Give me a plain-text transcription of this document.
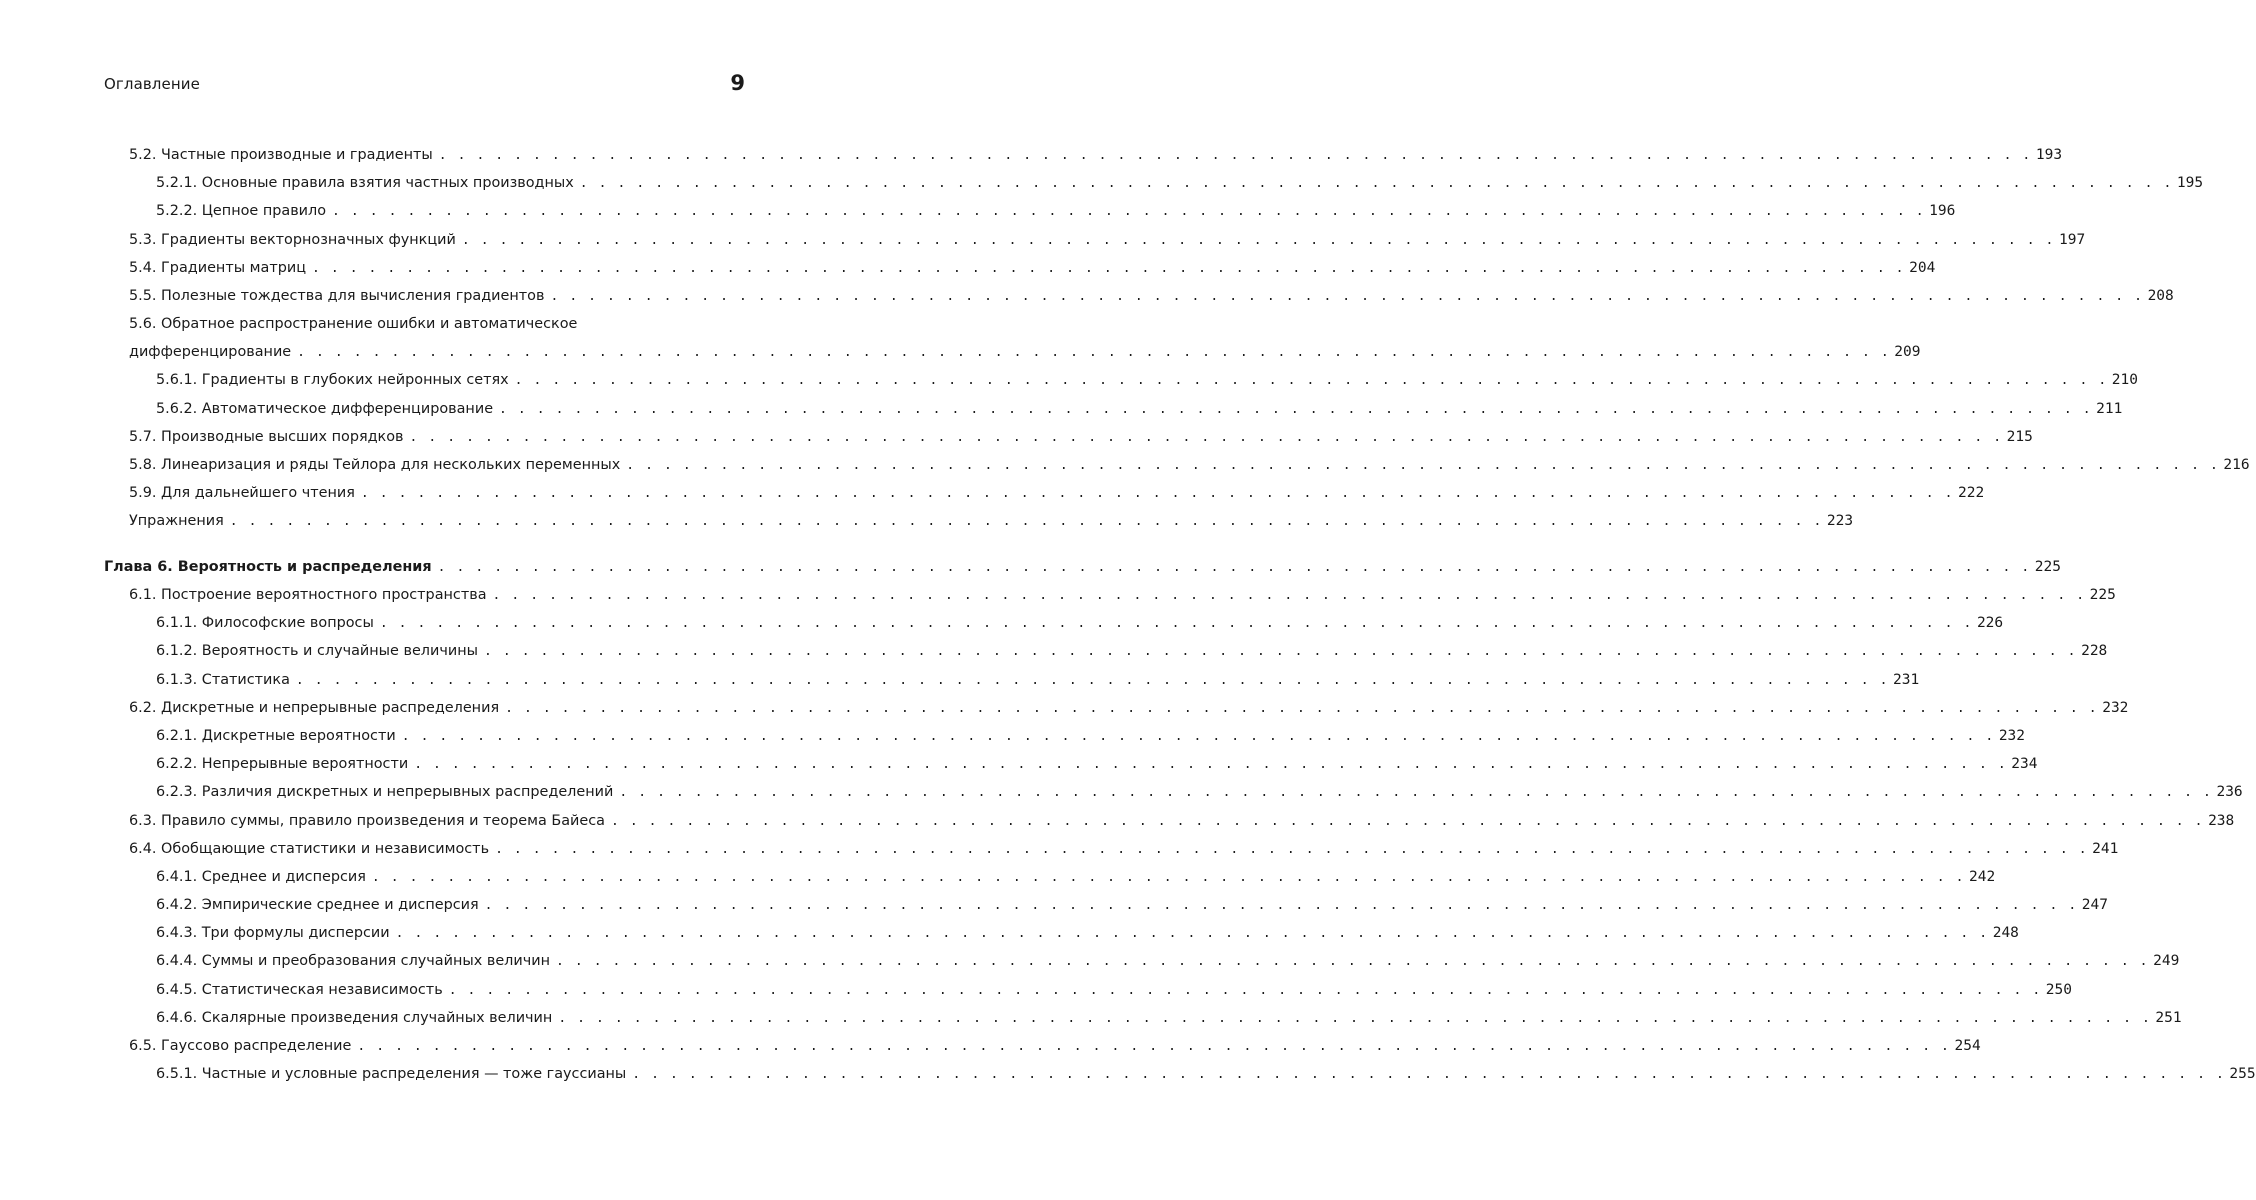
Оглавление	9
5.2. Частные производные и градиенты . . .	193
5.2.1. Основные правила взятия частных производных . . .	195
5.2.2. Цепное правило . . .	196
5.3. Градиенты векторнозначных функций . . .	197
5.4. Градиенты матриц . . .	204
5.5. Полезные тождества для вычисления градиентов . . .	208
5.6. Обратное распространение ошибки и автоматическое
дифференцирование . . .	209
5.6.1. Градиенты в глубоких нейронных сетях . . .	210
5.6.2. Автоматическое дифференцирование . . .	211
5.7. Производные высших порядков . . .	215
5.8. Линеаризация и ряды Тейлора для нескольких переменных . . .	216
5.9. Для дальнейшего чтения . . .	222
Упражнения . . .	223
Глава 6. Вероятность и распределения . . .	225
6.1. Построение вероятностного пространства . . .	225
6.1.1. Философские вопросы . . .	226
6.1.2. Вероятность и случайные величины . . .	228
6.1.3. Статистика . . .	231
6.2. Дискретные и непрерывные распределения . . .	232
6.2.1. Дискретные вероятности . . .	232
6.2.2. Непрерывные вероятности . . .	234
6.2.3. Различия дискретных и непрерывных распределений . . .	236
6.3. Правило суммы, правило произведения и теорема Байеса . . .	238
6.4. Обобщающие статистики и независимость . . .	241
6.4.1. Среднее и дисперсия . . .	242
6.4.2. Эмпирические среднее и дисперсия . . .	247
6.4.3. Три формулы дисперсии . . .	248
6.4.4. Суммы и преобразования случайных величин . . .	249
6.4.5. Статистическая независимость . . .	250
6.4.6. Скалярные произведения случайных величин . . .	251
6.5. Гауссово распределение . . .	254
6.5.1. Частные и условные распределения — тоже гауссианы . . .	255
